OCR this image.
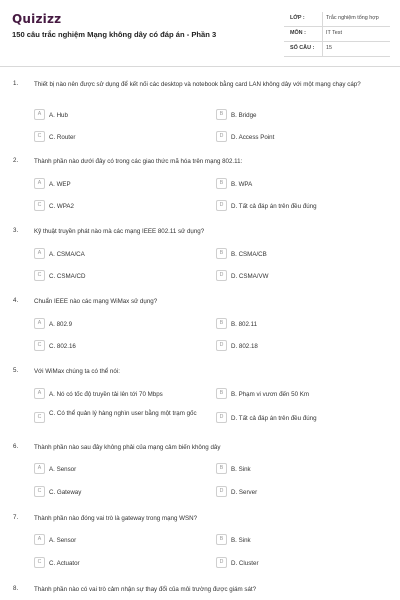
Quizizz
150 câu trắc nghiệm Mạng không dây có đáp án - Phần 3
LỚP :	Trắc nghiệm tổng hợp
MÔN :	IT Test
SỐ CÂU : 15
1.	Thiết bị nào nên được sử dụng để kết nối các desktop và notebook bằng card LAN không dây với một mạng chạy cáp?
A	A. Hub	B	B. Bridge
C	C. Router	D	D. Access Point
2.	Thành phần nào dưới đây có trong các giao thức mã hóa trên mạng 802.11:
A	A. WEP	B	B. WPA
C	C. WPA2	D	D. Tất cả đáp án trên đều đúng
3.	Kỹ thuật truyền phát nào mà các mạng IEEE 802.11 sử dụng?
A	A. CSMA/CA	B	B. CSMA/CB
C	C. CSMA/CD	D	D. CSMA/VW
4.	Chuẩn IEEE nào các mạng WiMax sử dụng?
A	A. 802.9	B	B. 802.11
C	C. 802.16	D	D. 802.18
5.	Với WiMax chúng ta có thể nói:
A	A. Nó có tốc độ truyền tải lên tới 70 Mbps	B	B. Phạm vi vươn đến 50 Km
C	C. Có thể quản lý hàng nghìn user bằng một trạm gốc	D	D. Tất cả đáp án trên đều đúng
6.	Thành phần nào sau đây không phải của mạng cảm biến không dây
A	A. Sensor	B	B. Sink
C	C. Gateway	D	D. Server
7.	Thành phần nào đóng vai trò là gateway trong mạng WSN?
A	A. Sensor	B	B. Sink
C	C. Actuator	D	D. Cluster
8.	Thành phần nào có vai trò cảm nhận sự thay đổi của môi trường được giám sát?
